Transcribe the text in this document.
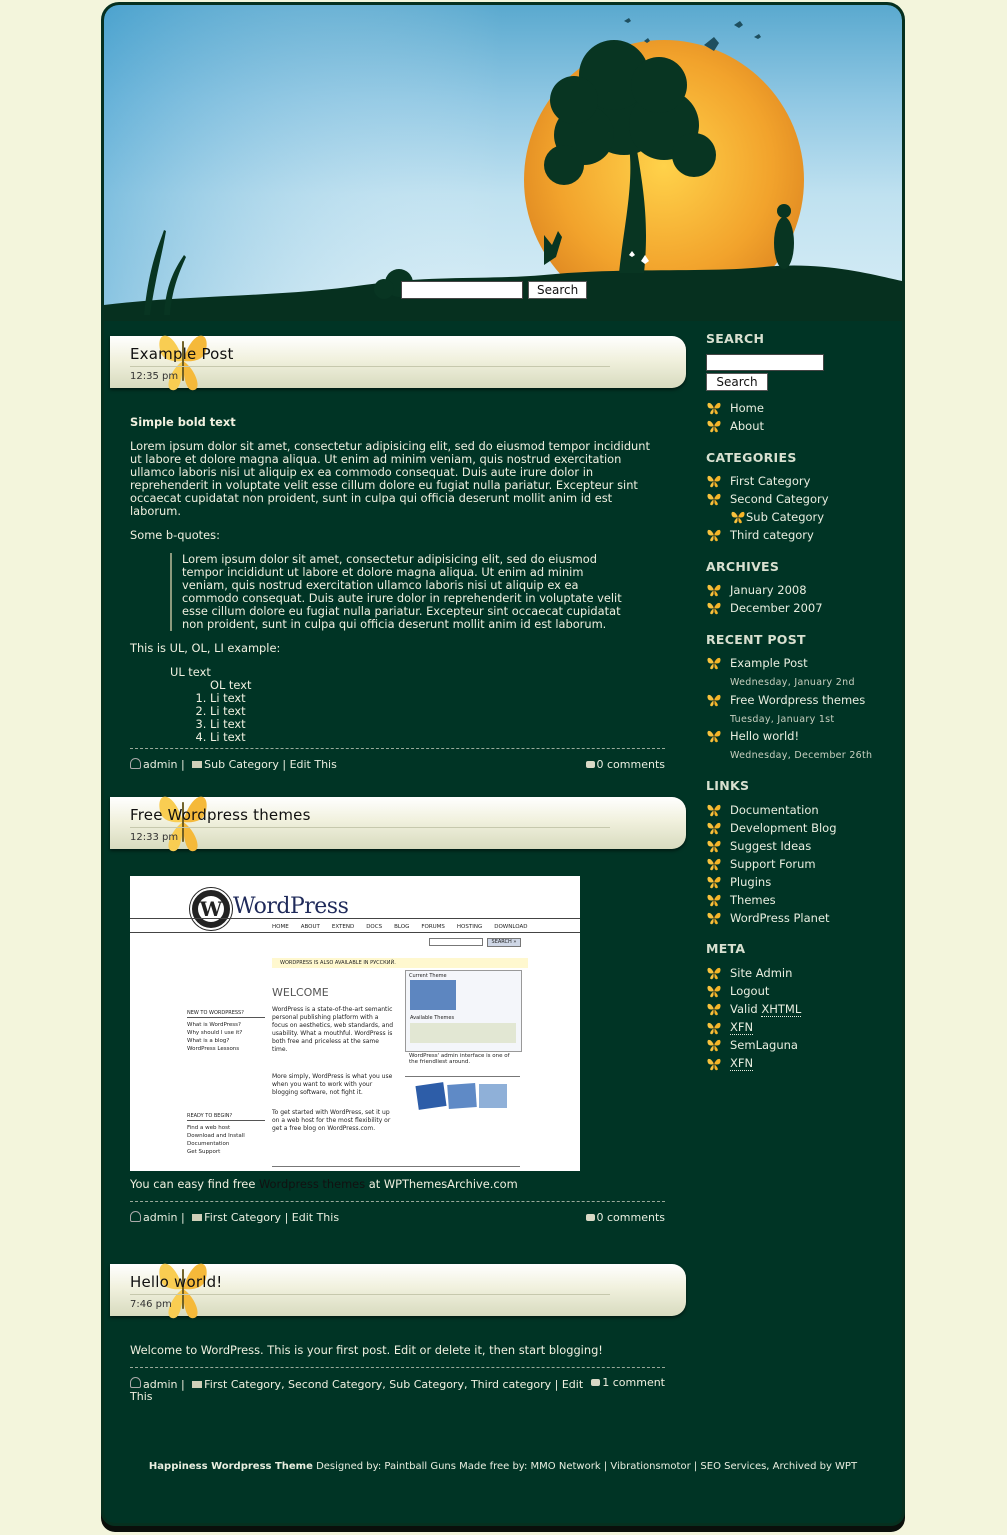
Search
Example Post
12:35 pm

Simple bold text

Lorem ipsum dolor sit amet, consectetur adipisicing elit, sed do eiusmod tempor incididunt ut labore et dolore magna aliqua. Ut enim ad minim veniam, quis nostrud exercitation ullamco laboris nisi ut aliquip ex ea commodo consequat. Duis aute irure dolor in reprehenderit in voluptate velit esse cillum dolore eu fugiat nulla pariatur. Excepteur sint occaecat cupidatat non proident, sunt in culpa qui officia deserunt mollit anim id est laborum.

Some b-quotes:

Lorem ipsum dolor sit amet, consectetur adipisicing elit, sed do eiusmod tempor incididunt ut labore et dolore magna aliqua. Ut enim ad minim veniam, quis nostrud exercitation ullamco laboris nisi ut aliquip ex ea commodo consequat. Duis aute irure dolor in reprehenderit in voluptate velit esse cillum dolore eu fugiat nulla pariatur. Excepteur sint occaecat cupidatat non proident, sunt in culpa qui officia deserunt mollit anim id est laborum.

This is UL, OL, LI example:

UL text
OL text
1. Li text
2. Li text
3. Li text
4. Li text
admin | Sub Category | Edit This	0 comments
Free Wordpress themes
12:33 pm
W WordPress
HOME ABOUT EXTEND DOCS BLOG FORUMS HOSTING DOWNLOAD
SEARCH »
WORDPRESS IS ALSO AVAILABLE IN РУССКИЙ.
WELCOME
WordPress is a state-of-the-art semantic personal publishing platform with a focus on aesthetics, web standards, and usability. What a mouthful. WordPress is both free and priceless at the same time.
More simply, WordPress is what you use when you want to work with your blogging software, not fight it.
To get started with WordPress, set it up on a web host for the most flexibility or get a free blog on WordPress.com.
NEW TO WORDPRESS?
What is WordPress?
Why should I use it?
What is a blog?
WordPress Lessons
READY TO BEGIN?
Find a web host
Download and Install
Documentation
Get Support
Current Theme
Available Themes
WordPress' admin interface is one of the friendliest around.

You can easy find free Wordpress themes at WPThemesArchive.com

admin | First Category | Edit This	0 comments
Hello world!
7:46 pm

Welcome to WordPress. This is your first post. Edit or delete it, then start blogging!

admin | First Category, Second Category, Sub Category, Third category | Edit	1 comment
This
SEARCH
Search
Home
About
CATEGORIES
First Category
Second Category
Sub Category
Third category
ARCHIVES
January 2008
December 2007
RECENT POST
Example Post
Wednesday, January 2nd
Free Wordpress themes
Tuesday, January 1st
Hello world!
Wednesday, December 26th
LINKS
Documentation
Development Blog
Suggest Ideas
Support Forum
Plugins
Themes
WordPress Planet
META
Site Admin
Logout
Valid XHTML
XFN
SemLaguna
XFN
Happiness Wordpress Theme Designed by: Paintball Guns Made free by: MMO Network | Vibrationsmotor | SEO Services, Archived by WPT
